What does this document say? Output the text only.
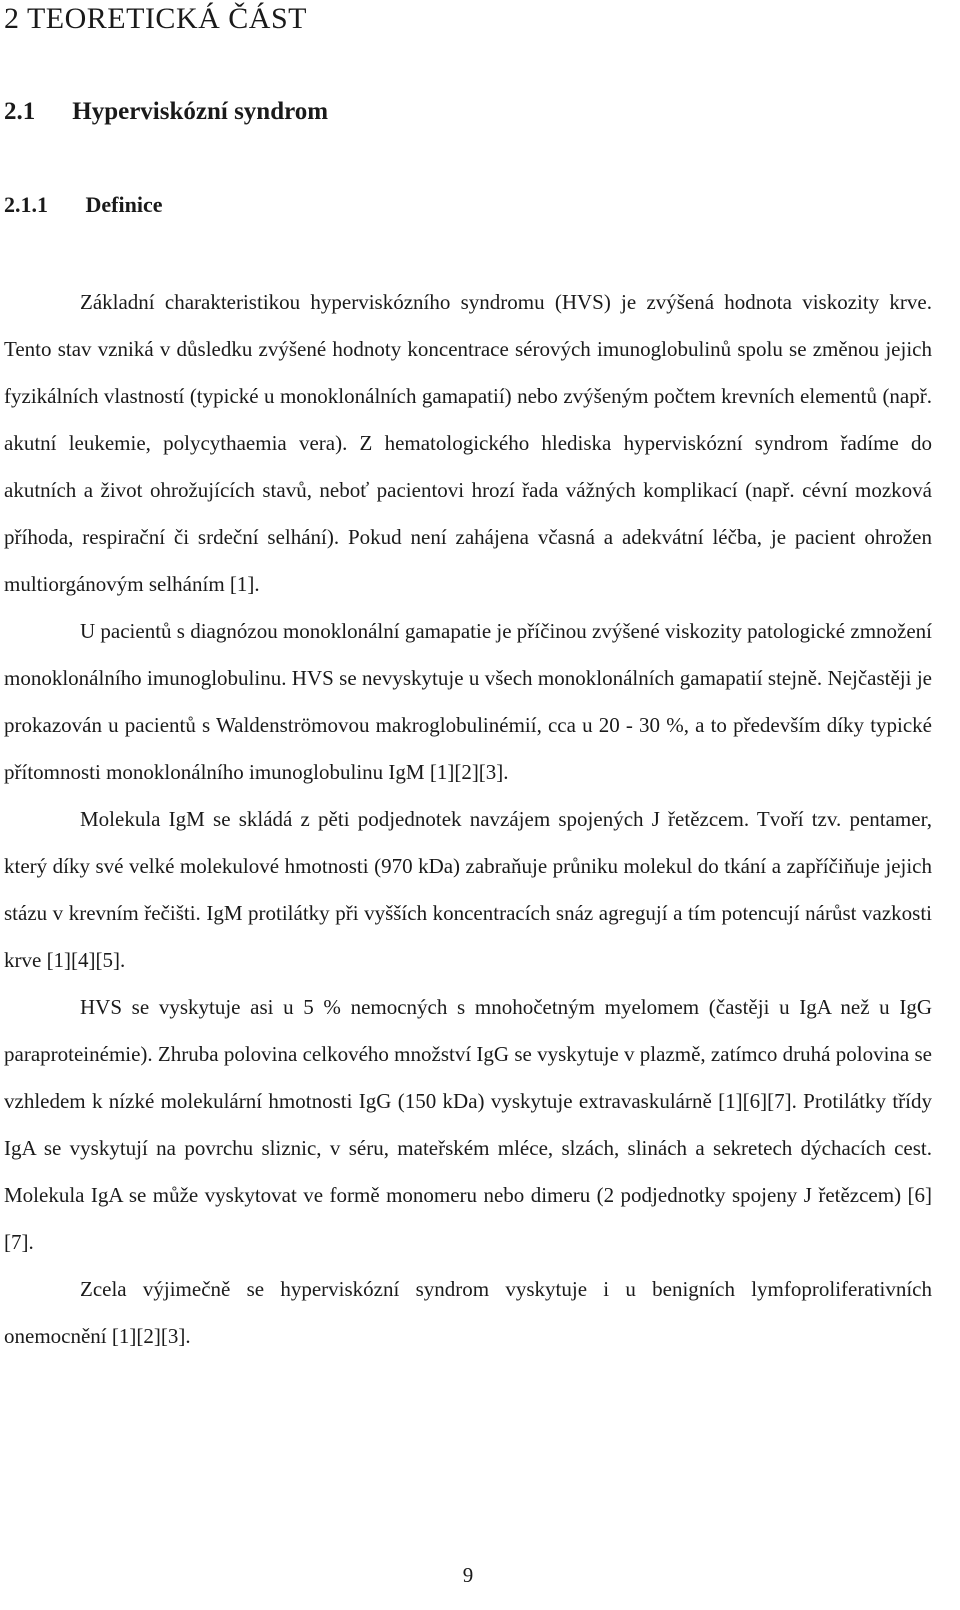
2 TEORETICKÁ ČÁST
2.1 Hyperviskózní syndrom
2.1.1 Definice

Základní charakteristikou hyperviskózního syndromu (HVS) je zvýšená hodnota viskozity krve. Tento stav vzniká v důsledku zvýšené hodnoty koncentrace sérových imunoglobulinů spolu se změnou jejich fyzikálních vlastností (typické u monoklonálních gamapatií) nebo zvýšeným počtem krevních elementů (např. akutní leukemie, polycythaemia vera). Z hematologického hlediska hyperviskózní syndrom řadíme do akutních a život ohrožujících stavů, neboť pacientovi hrozí řada vážných komplikací (např. cévní mozková příhoda, respirační či srdeční selhání). Pokud není zahájena včasná a adekvátní léčba, je pacient ohrožen multiorgánovým selháním [1].

U pacientů s diagnózou monoklonální gamapatie je příčinou zvýšené viskozity patologické zmnožení monoklonálního imunoglobulinu. HVS se nevyskytuje u všech monoklonálních gamapatií stejně. Nejčastěji je prokazován u pacientů s Waldenströmovou makroglobulinémií, cca u 20 - 30 %, a to především díky typické přítomnosti monoklonálního imunoglobulinu IgM [1][2][3].

Molekula IgM se skládá z pěti podjednotek navzájem spojených J řetězcem. Tvoří tzv. pentamer, který díky své velké molekulové hmotnosti (970 kDa) zabraňuje průniku molekul do tkání a zapříčiňuje jejich stázu v krevním řečišti. IgM protilátky při vyšších koncentracích snáz agregují a tím potencují nárůst vazkosti krve [1][4][5].

HVS se vyskytuje asi u 5 % nemocných s mnohočetným myelomem (častěji u IgA než u IgG paraproteinémie). Zhruba polovina celkového množství IgG se vyskytuje v plazmě, zatímco druhá polovina se vzhledem k nízké molekulární hmotnosti IgG (150 kDa) vyskytuje extravaskulárně [1][6][7]. Protilátky třídy IgA se vyskytují na povrchu sliznic, v séru, mateřském mléce, slzách, slinách a sekretech dýchacích cest. Molekula IgA se může vyskytovat ve formě monomeru nebo dimeru (2 podjednotky spojeny J řetězcem) [6][7].

Zcela výjimečně se hyperviskózní syndrom vyskytuje i u benigních lymfoproliferativních onemocnění [1][2][3].

9
